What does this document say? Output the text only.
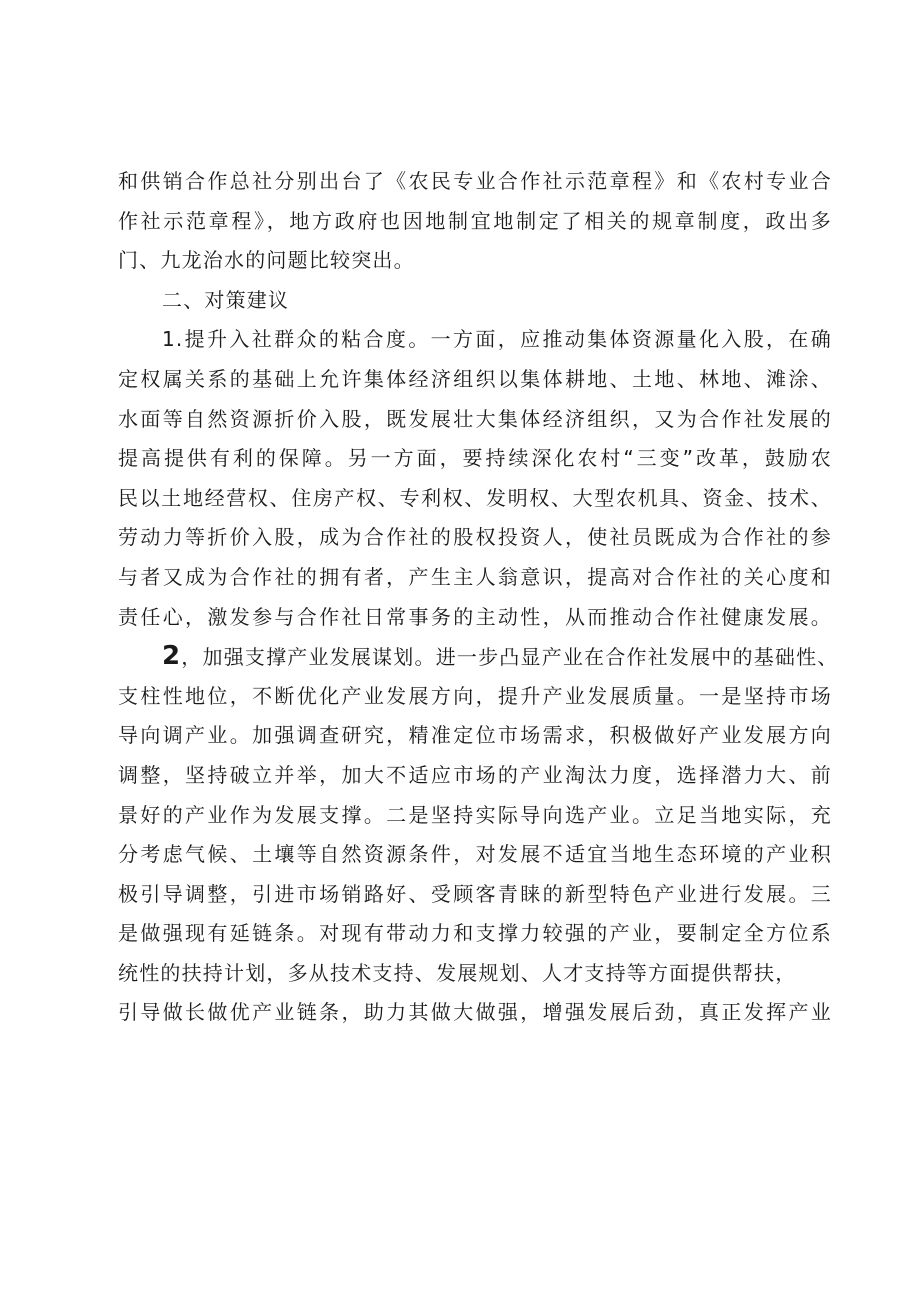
和供销合作总社分别出台了《农民专业合作社示范章程》和《农村专业合
作社示范章程》，地方政府也因地制宜地制定了相关的规章制度，政出多
门、九龙治水的问题比较突出。
二、对策建议
1.提升入社群众的粘合度。一方面，应推动集体资源量化入股，在确
定权属关系的基础上允许集体经济组织以集体耕地、土地、林地、滩涂、
水面等自然资源折价入股，既发展壮大集体经济组织，又为合作社发展的
提高提供有利的保障。另一方面，要持续深化农村“三变”改革，鼓励农
民以土地经营权、住房产权、专利权、发明权、大型农机具、资金、技术、
劳动力等折价入股，成为合作社的股权投资人，使社员既成为合作社的参
与者又成为合作社的拥有者，产生主人翁意识，提高对合作社的关心度和
责任心，激发参与合作社日常事务的主动性，从而推动合作社健康发展。
2，加强支撑产业发展谋划。进一步凸显产业在合作社发展中的基础性、
支柱性地位，不断优化产业发展方向，提升产业发展质量。一是坚持市场
导向调产业。加强调查研究，精准定位市场需求，积极做好产业发展方向
调整，坚持破立并举，加大不适应市场的产业淘汰力度，选择潜力大、前
景好的产业作为发展支撑。二是坚持实际导向选产业。立足当地实际，充
分考虑气候、土壤等自然资源条件，对发展不适宜当地生态环境的产业积
极引导调整，引进市场销路好、受顾客青睐的新型特色产业进行发展。三
是做强现有延链条。对现有带动力和支撑力较强的产业，要制定全方位系
统性的扶持计划，多从技术支持、发展规划、人才支持等方面提供帮扶，
引导做长做优产业链条，助力其做大做强，增强发展后劲，真正发挥产业
